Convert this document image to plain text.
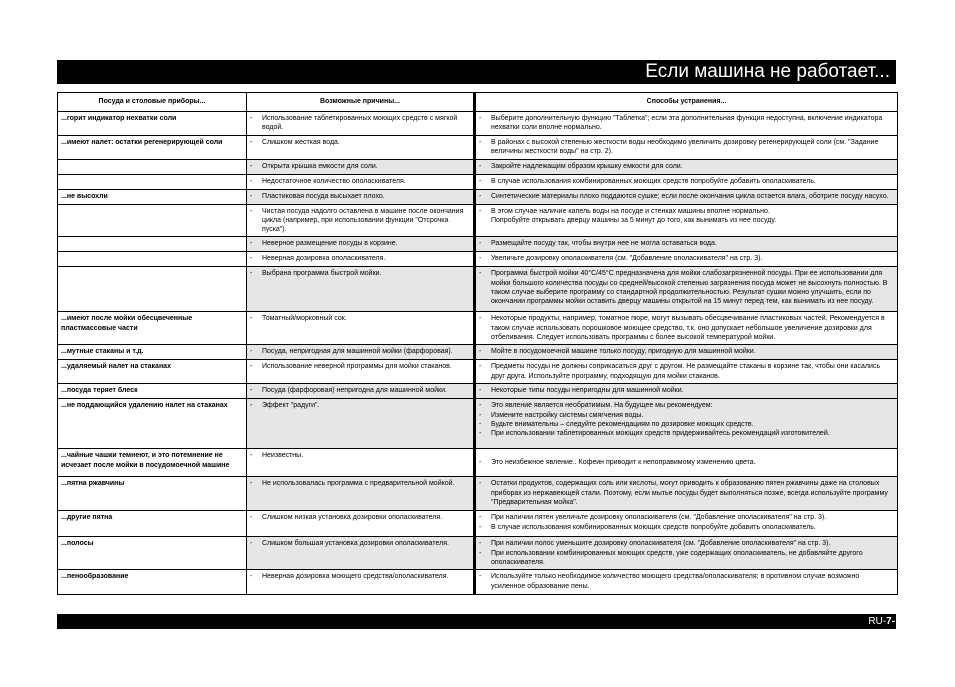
Если машина не работает...
Посуда и столовые приборы...	Возможные причины...	Способы устранения...
...горит индикатор нехватки соли	- Использование таблетированных моющих средств с мягкой водой.	- Выберите дополнительную функцию "Таблетка"; если эта дополнительная функция недоступна, включение индикатора нехватки соли вполне нормально.

...имеют налет: остатки регенерирующей соли	- Слишком жесткая вода.	- В районах с высокой степенью жесткости воды необходимо увеличить дозировку регенерирующей соли (см. "Задание величины жесткости воды" на стр. 2).

	- Открыта крышка емкости для соли.	- Закройте надлежащим образом крышку емкости для соли.

	- Недостаточное количество ополаскивателя.	- В случае использования комбинированных моющих средств попробуйте добавить ополаскиватель.

...не высохли	- Пластиковая посуда высыхает плохо.	- Синтетические материалы плохо поддаются сушке; если после окончания цикла остается влага, оботрите посуду насухо.

	- Чистая посуда надолго оставлена в машине после окончания цикла (например, при использовании функции "Отсрочка пуска").	- В этом случае наличие капель воды на посуде и стенках машины вполне нормально.
Попробуйте открывать дверцу машины за 5 минут до того, как вынимать из нее посуду.

	- Неверное размещение посуды в корзине.	- Размещайте посуду так, чтобы внутри нее не могла оставаться вода.

	- Неверная дозировка ополаскивателя.	- Увеличьте дозировку ополаскивателя (см. "Добавление ополаскивателя" на стр. 3).

	- Выбрана программа быстрой мойки.	- Программа быстрой мойки 40°C/45°C предназначена для мойки слабозагрязненной посуды. При ее использовании для мойки большого количества посуды со средней/высокой степенью загрязнения посуда может не высохнуть полностью. В таком случае выберите программу со стандартной продолжительностью. Результат сушки можно улучшить, если по окончании программы мойки оставить дверцу машины открытой на 15 минут перед тем, как вынимать из нее посуду.

...имеют после мойки обесцвеченные пластмассовые части	- Томатный/морковный сок.	- Некоторые продукты, например, томатное пюре, могут вызывать обесцвечивание пластиковых частей. Рекомендуется в таком случае использовать порошковое моющее средство, т.к. оно допускает небольшое увеличение дозировки для отбеливания. Следует использовать программы с более высокой температурой мойки.

...мутные стаканы и т.д.	- Посуда, непригодная для машинной мойки (фарфоровая).	- Мойте в посудомоечной машине только посуду, пригодную для машинной мойки.

...удаляемый налет на стаканах	- Использование неверной программы для мойки стаканов.	- Предметы посуды не должны соприкасаться друг с другом. Не размещайте стаканы в корзине так, чтобы они касались друг друга. Используйте программу, подходящую для мойки стаканов.

...посуда теряет блеск	- Посуда (фарфоровая) непригодна для машинной мойки.	- Некоторые типы посуды непригодны для машинной мойки.

...не поддающийся удалению налет на стаканах	- Эффект "радуги".	- Это явление является необратимым. На будущее мы рекомендуем:
- Измените настройку системы смягчения воды.
- Будьте внимательны – следуйте рекомендациям по дозировке моющих средств.
- При использовании таблетированных моющих средств придерживайтесь рекомендаций изготовителей.

...чайные чашки темнеют, и это потемнение не исчезает после мойки в посудомоечной машине	- Неизвестны.	- Это неизбежное явление.. Кофеин приводит к непоправимому изменению цвета.

...пятна ржавчины	- Не использовалась программа с предварительной мойкой.	- Остатки продуктов, содержащих соль или кислоты, могут приводить к образованию пятен ржавчины даже на столовых приборах из нержавеющей стали. Поэтому, если мытье посуды будет выполняться позже, всегда используйте программу "Предварительная мойка".

...другие пятна	- Слишком низкая установка дозировки ополаскивателя.	- При наличии пятен увеличьте дозировку ополаскивателя (см. "Добавление ополаскивателя" на стр. 3).
- В случае использования комбинированных моющих средств попробуйте добавить ополаскиватель.

...полосы	- Слишком большая установка дозировки ополаскивателя.	- При наличии полос уменьшите дозировку ополаскивателя (см. "Добавление ополаскивателя" на стр. 3).
- При использовании комбинированных моющих средств, уже содержащих ополаскиватель, не добавляйте другого ополаскивателя.

...пенообразование	- Неверная дозировка моющего средства/ополаскивателя.	- Используйте только необходимое количество моющего средства/ополаскивателя; в противном случае возможно усиленное образование пены.
RU-7-
